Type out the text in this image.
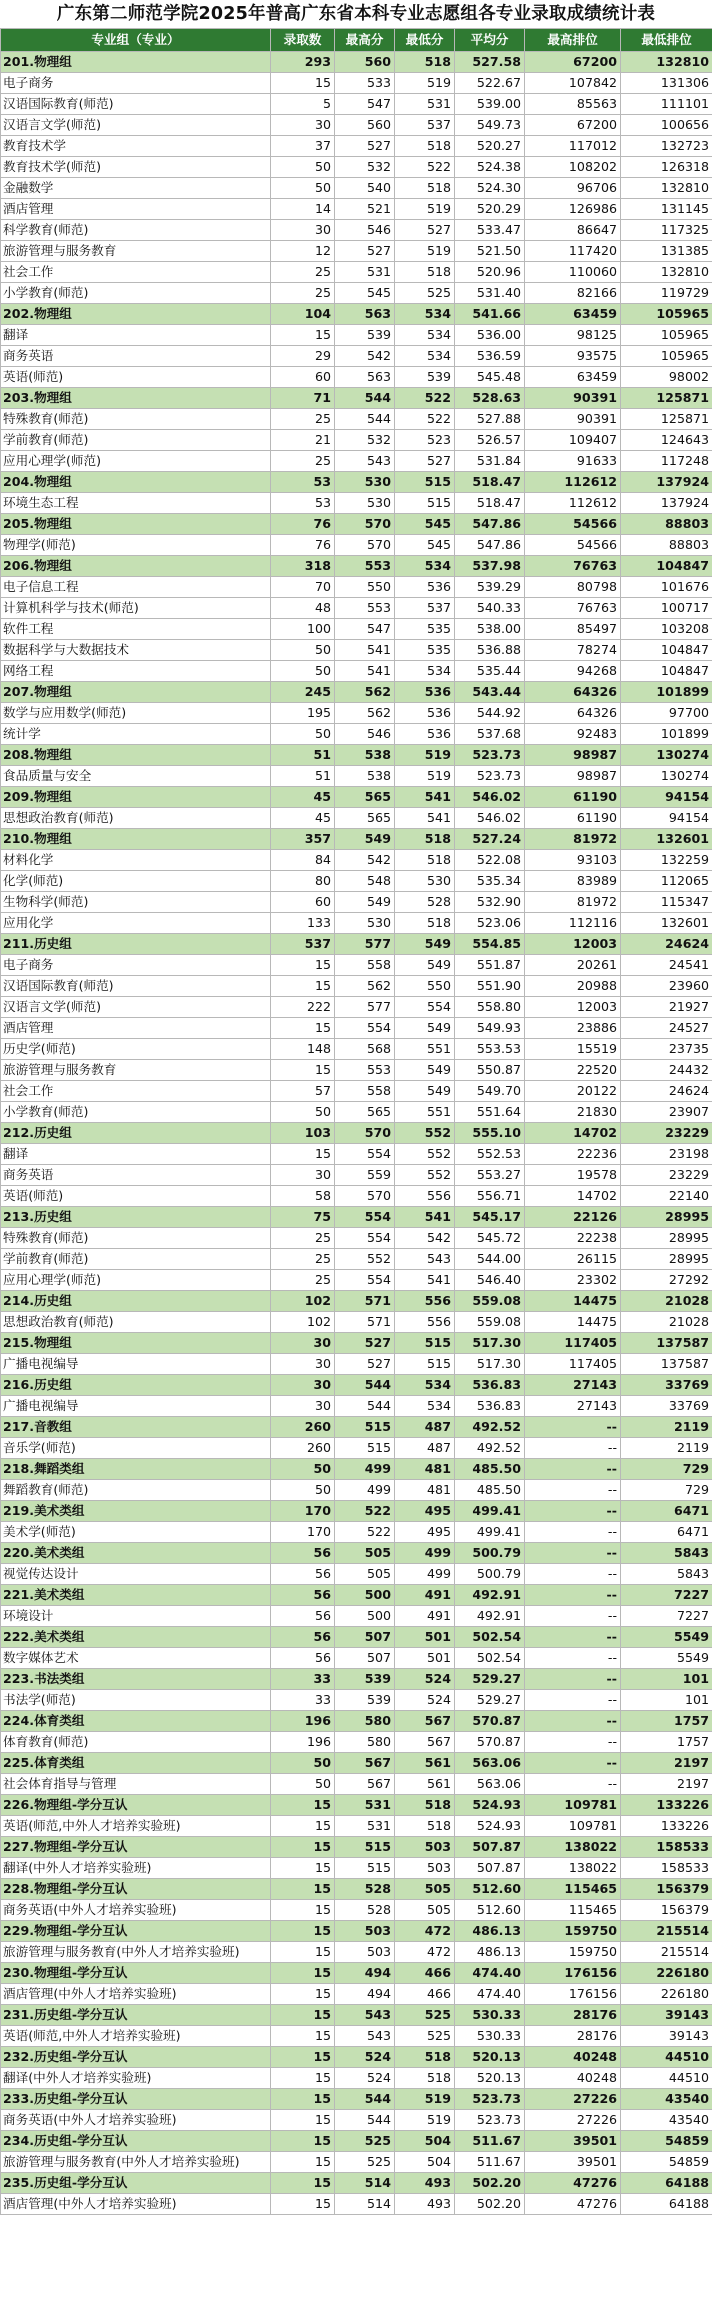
广东第二师范学院2025年普高广东省本科专业志愿组各专业录取成绩统计表
专业组（专业）	录取数	最高分	最低分	平均分	最高排位	最低排位
201.物理组	293	560	518	527.58	67200	132810
电子商务	15	533	519	522.67	107842	131306
汉语国际教育(师范)	5	547	531	539.00	85563	111101
汉语言文学(师范)	30	560	537	549.73	67200	100656
教育技术学	37	527	518	520.27	117012	132723
教育技术学(师范)	50	532	522	524.38	108202	126318
金融数学	50	540	518	524.30	96706	132810
酒店管理	14	521	519	520.29	126986	131145
科学教育(师范)	30	546	527	533.47	86647	117325
旅游管理与服务教育	12	527	519	521.50	117420	131385
社会工作	25	531	518	520.96	110060	132810
小学教育(师范)	25	545	525	531.40	82166	119729
202.物理组	104	563	534	541.66	63459	105965
翻译	15	539	534	536.00	98125	105965
商务英语	29	542	534	536.59	93575	105965
英语(师范)	60	563	539	545.48	63459	98002
203.物理组	71	544	522	528.63	90391	125871
特殊教育(师范)	25	544	522	527.88	90391	125871
学前教育(师范)	21	532	523	526.57	109407	124643
应用心理学(师范)	25	543	527	531.84	91633	117248
204.物理组	53	530	515	518.47	112612	137924
环境生态工程	53	530	515	518.47	112612	137924
205.物理组	76	570	545	547.86	54566	88803
物理学(师范)	76	570	545	547.86	54566	88803
206.物理组	318	553	534	537.98	76763	104847
电子信息工程	70	550	536	539.29	80798	101676
计算机科学与技术(师范)	48	553	537	540.33	76763	100717
软件工程	100	547	535	538.00	85497	103208
数据科学与大数据技术	50	541	535	536.88	78274	104847
网络工程	50	541	534	535.44	94268	104847
207.物理组	245	562	536	543.44	64326	101899
数学与应用数学(师范)	195	562	536	544.92	64326	97700
统计学	50	546	536	537.68	92483	101899
208.物理组	51	538	519	523.73	98987	130274
食品质量与安全	51	538	519	523.73	98987	130274
209.物理组	45	565	541	546.02	61190	94154
思想政治教育(师范)	45	565	541	546.02	61190	94154
210.物理组	357	549	518	527.24	81972	132601
材料化学	84	542	518	522.08	93103	132259
化学(师范)	80	548	530	535.34	83989	112065
生物科学(师范)	60	549	528	532.90	81972	115347
应用化学	133	530	518	523.06	112116	132601
211.历史组	537	577	549	554.85	12003	24624
电子商务	15	558	549	551.87	20261	24541
汉语国际教育(师范)	15	562	550	551.90	20988	23960
汉语言文学(师范)	222	577	554	558.80	12003	21927
酒店管理	15	554	549	549.93	23886	24527
历史学(师范)	148	568	551	553.53	15519	23735
旅游管理与服务教育	15	553	549	550.87	22520	24432
社会工作	57	558	549	549.70	20122	24624
小学教育(师范)	50	565	551	551.64	21830	23907
212.历史组	103	570	552	555.10	14702	23229
翻译	15	554	552	552.53	22236	23198
商务英语	30	559	552	553.27	19578	23229
英语(师范)	58	570	556	556.71	14702	22140
213.历史组	75	554	541	545.17	22126	28995
特殊教育(师范)	25	554	542	545.72	22238	28995
学前教育(师范)	25	552	543	544.00	26115	28995
应用心理学(师范)	25	554	541	546.40	23302	27292
214.历史组	102	571	556	559.08	14475	21028
思想政治教育(师范)	102	571	556	559.08	14475	21028
215.物理组	30	527	515	517.30	117405	137587
广播电视编导	30	527	515	517.30	117405	137587
216.历史组	30	544	534	536.83	27143	33769
广播电视编导	30	544	534	536.83	27143	33769
217.音教组	260	515	487	492.52	--	2119
音乐学(师范)	260	515	487	492.52	--	2119
218.舞蹈类组	50	499	481	485.50	--	729
舞蹈教育(师范)	50	499	481	485.50	--	729
219.美术类组	170	522	495	499.41	--	6471
美术学(师范)	170	522	495	499.41	--	6471
220.美术类组	56	505	499	500.79	--	5843
视觉传达设计	56	505	499	500.79	--	5843
221.美术类组	56	500	491	492.91	--	7227
环境设计	56	500	491	492.91	--	7227
222.美术类组	56	507	501	502.54	--	5549
数字媒体艺术	56	507	501	502.54	--	5549
223.书法类组	33	539	524	529.27	--	101
书法学(师范)	33	539	524	529.27	--	101
224.体育类组	196	580	567	570.87	--	1757
体育教育(师范)	196	580	567	570.87	--	1757
225.体育类组	50	567	561	563.06	--	2197
社会体育指导与管理	50	567	561	563.06	--	2197
226.物理组-学分互认	15	531	518	524.93	109781	133226
英语(师范,中外人才培养实验班)	15	531	518	524.93	109781	133226
227.物理组-学分互认	15	515	503	507.87	138022	158533
翻译(中外人才培养实验班)	15	515	503	507.87	138022	158533
228.物理组-学分互认	15	528	505	512.60	115465	156379
商务英语(中外人才培养实验班)	15	528	505	512.60	115465	156379
229.物理组-学分互认	15	503	472	486.13	159750	215514
旅游管理与服务教育(中外人才培养实验班)	15	503	472	486.13	159750	215514
230.物理组-学分互认	15	494	466	474.40	176156	226180
酒店管理(中外人才培养实验班)	15	494	466	474.40	176156	226180
231.历史组-学分互认	15	543	525	530.33	28176	39143
英语(师范,中外人才培养实验班)	15	543	525	530.33	28176	39143
232.历史组-学分互认	15	524	518	520.13	40248	44510
翻译(中外人才培养实验班)	15	524	518	520.13	40248	44510
233.历史组-学分互认	15	544	519	523.73	27226	43540
商务英语(中外人才培养实验班)	15	544	519	523.73	27226	43540
234.历史组-学分互认	15	525	504	511.67	39501	54859
旅游管理与服务教育(中外人才培养实验班)	15	525	504	511.67	39501	54859
235.历史组-学分互认	15	514	493	502.20	47276	64188
酒店管理(中外人才培养实验班)	15	514	493	502.20	47276	64188
